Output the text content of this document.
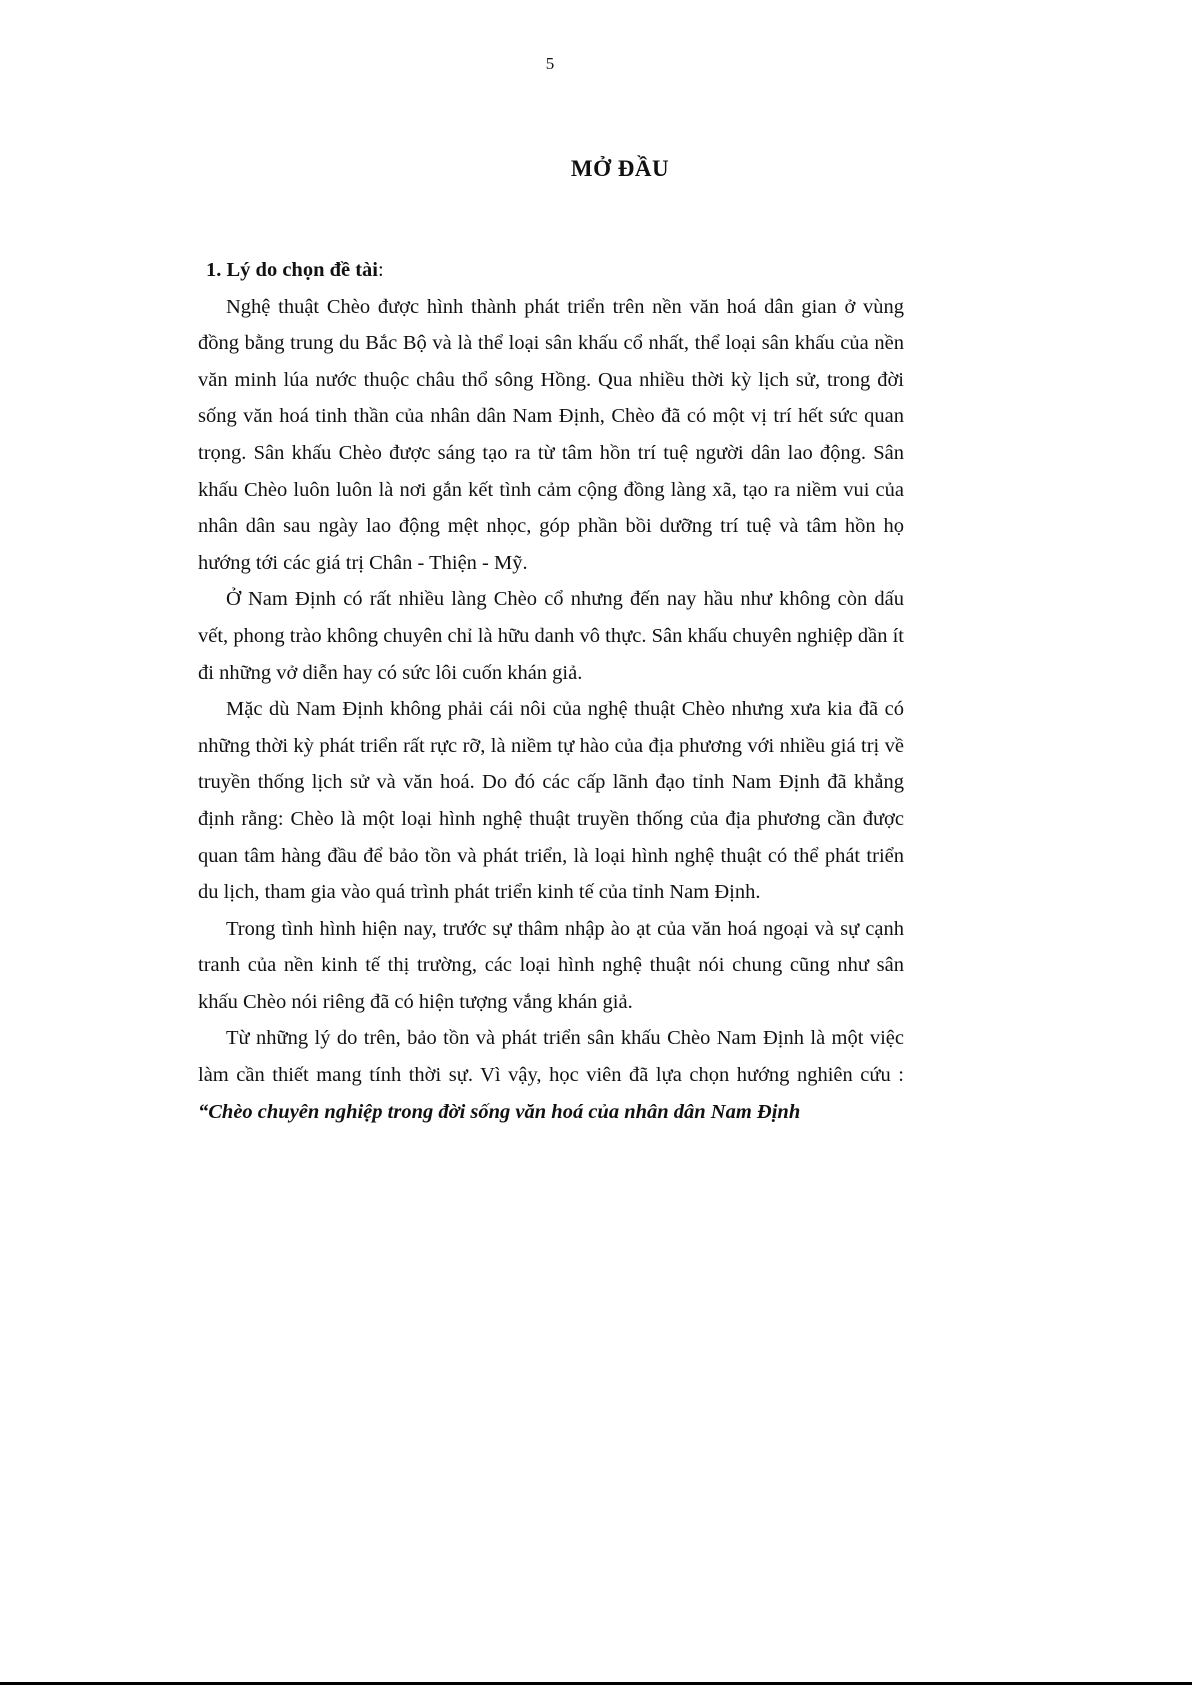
5
MỞ ĐẦU
1. Lý do chọn đề tài:

Nghệ thuật Chèo được hình thành phát triển trên nền văn hoá dân gian ở vùng đồng bằng trung du Bắc Bộ và là thể loại sân khấu cổ nhất, thể loại sân khấu của nền văn minh lúa nước thuộc châu thổ sông Hồng. Qua nhiều thời kỳ lịch sử, trong đời sống văn hoá tinh thần của nhân dân Nam Định, Chèo đã có một vị trí hết sức quan trọng. Sân khấu Chèo được sáng tạo ra từ tâm hồn trí tuệ người dân lao động. Sân khấu Chèo luôn luôn là nơi gắn kết tình cảm cộng đồng làng xã, tạo ra niềm vui của nhân dân sau ngày lao động mệt nhọc, góp phần bồi dưỡng trí tuệ và tâm hồn họ hướng tới các giá trị Chân - Thiện - Mỹ.

Ở Nam Định có rất nhiều làng Chèo cổ nhưng đến nay hầu như không còn dấu vết, phong trào không chuyên chỉ là hữu danh vô thực. Sân khấu chuyên nghiệp dần ít đi những vở diễn hay có sức lôi cuốn khán giả.

Mặc dù Nam Định không phải cái nôi của nghệ thuật Chèo nhưng xưa kia đã có những thời kỳ phát triển rất rực rỡ, là niềm tự hào của địa phương với nhiều giá trị về truyền thống lịch sử và văn hoá. Do đó các cấp lãnh đạo tỉnh Nam Định đã khẳng định rằng: Chèo là một loại hình nghệ thuật truyền thống của địa phương cần được quan tâm hàng đầu để bảo tồn và phát triển, là loại hình nghệ thuật có thể phát triển du lịch, tham gia vào quá trình phát triển kinh tế của tỉnh Nam Định.

Trong tình hình hiện nay, trước sự thâm nhập ào ạt của văn hoá ngoại và sự cạnh tranh của nền kinh tế thị trường, các loại hình nghệ thuật nói chung cũng như sân khấu Chèo nói riêng đã có hiện tượng vắng khán giả.

Từ những lý do trên, bảo tồn và phát triển sân khấu Chèo Nam Định là một việc làm cần thiết mang tính thời sự. Vì vậy, học viên đã lựa chọn hướng nghiên cứu : “Chèo chuyên nghiệp trong đời sống văn hoá của nhân dân Nam Định
